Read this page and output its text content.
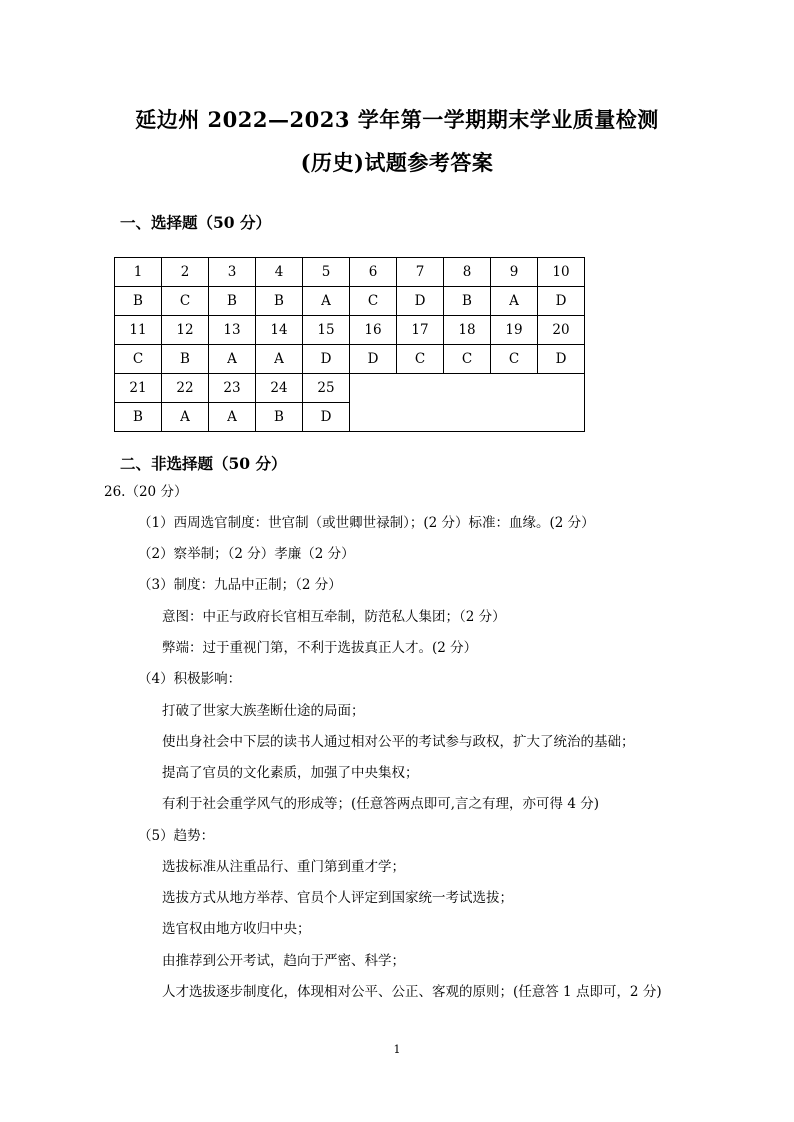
延边州 2022—2023 学年第一学期期末学业质量检测
(历史)试题参考答案
一、选择题（50 分）
1	2	3	4	5	6	7	8	9	10
B	C	B	B	A	C	D	B	A	D
11	12	13	14	15	16	17	18	19	20
C	B	A	A	D	D	C	C	C	D
21	22	23	24	25					
B	A	A	B	D					
二、非选择题（50 分）
26.（20 分）
（1）西周选官制度：世官制（或世卿世禄制）；(2 分）标准：血缘。(2 分）
（2）察举制；（2 分）孝廉（2 分）
（3）制度：九品中正制；（2 分）
意图：中正与政府长官相互牵制，防范私人集团；（2 分）
弊端：过于重视门第，不利于选拔真正人才。(2 分）
（4）积极影响：
打破了世家大族垄断仕途的局面；
使出身社会中下层的读书人通过相对公平的考试参与政权，扩大了统治的基础；
提高了官员的文化素质，加强了中央集权；
有利于社会重学风气的形成等；(任意答两点即可,言之有理，亦可得 4 分)
（5）趋势：
选拔标准从注重品行、重门第到重才学；
选拔方式从地方举荐、官员个人评定到国家统一考试选拔；
选官权由地方收归中央；
由推荐到公开考试，趋向于严密、科学；
人才选拔逐步制度化，体现相对公平、公正、客观的原则；(任意答 1 点即可，2 分)
1
